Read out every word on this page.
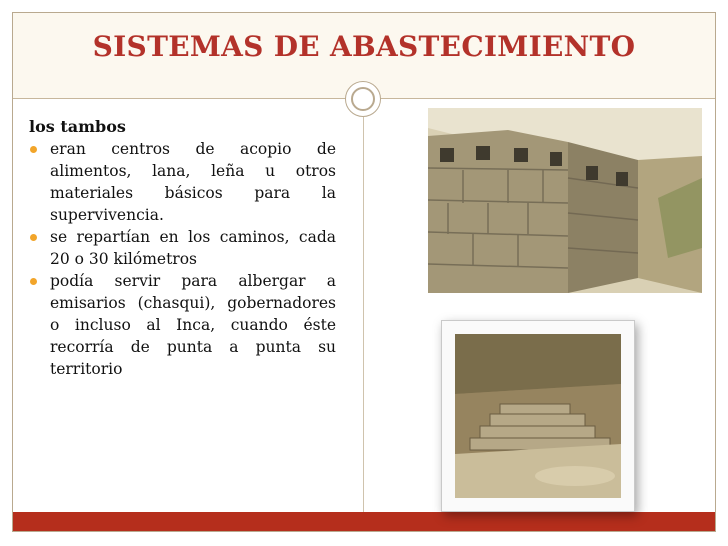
SISTEMAS DE ABASTECIMIENTO

los tambos

eran centros de acopio de alimentos, lana, leña u otros materiales básicos para la supervivencia.
se repartían en los caminos, cada 20 o 30 kilómetros
podía servir para albergar a emisarios (chasqui), gobernadores o incluso al Inca, cuando éste recorría de punta a punta su territorio
